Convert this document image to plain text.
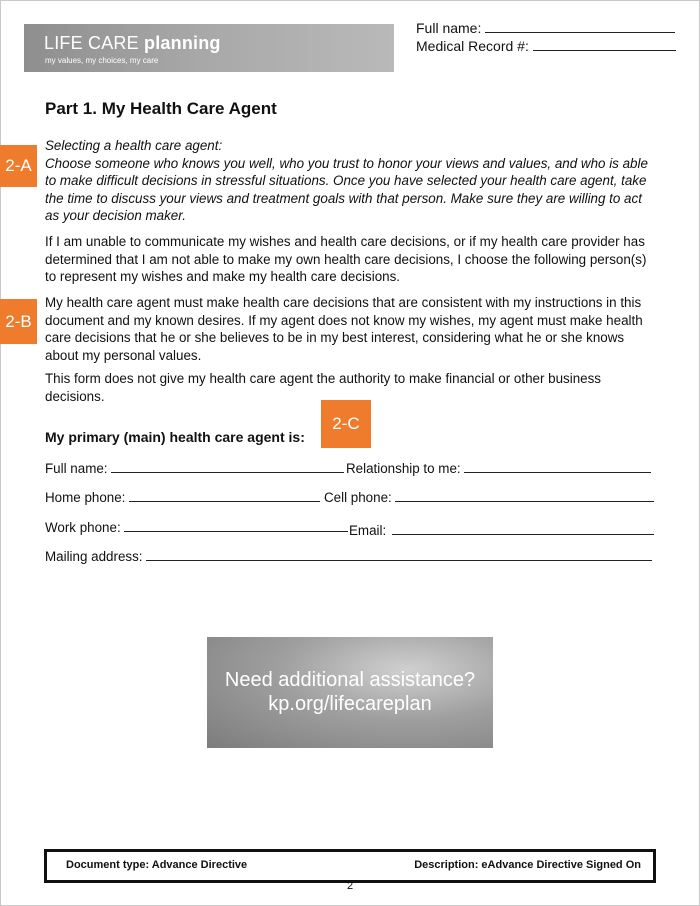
LIFE CARE planning
my values, my choices, my care
Full name:
Medical Record #:
Part 1. My Health Care Agent
2-A
Selecting a health care agent:
Choose someone who knows you well, who you trust to honor your views and values, and who is able to make difficult decisions in stressful situations. Once you have selected your health care agent, take the time to discuss your views and treatment goals with that person. Make sure they are willing to act as your decision maker.
If I am unable to communicate my wishes and health care decisions, or if my health care provider has determined that I am not able to make my own health care decisions, I choose the following person(s) to represent my wishes and make my health care decisions.
2-B
My health care agent must make health care decisions that are consistent with my instructions in this document and my known desires. If my agent does not know my wishes, my agent must make health care decisions that he or she believes to be in my best interest, considering what he or she knows about my personal values.
This form does not give my health care agent the authority to make financial or other business decisions.
My primary (main) health care agent is:
2-C
Full name:	Relationship to me:
Home phone:	Cell phone:
Work phone:	Email:
Mailing address:
Need additional assistance?
kp.org/lifecareplan
Document type: Advance Directive	Description: eAdvance Directive Signed On
2
